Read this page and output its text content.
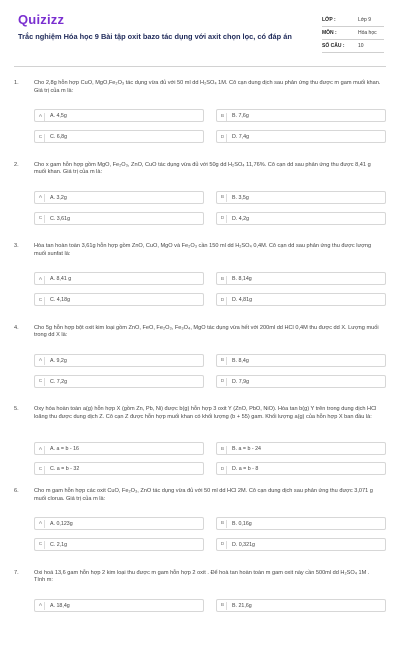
Quizizz
Trắc nghiệm Hóa học 9 Bài tập oxit bazo tác dụng với axit chọn lọc, có đáp án
LỚP :	Lớp 9
MÔN :	Hóa học
SỐ CÂU :	10
1.	Cho 2,8g hỗn hợp CuO, MgO,Fe₂O₃ tác dụng vừa đủ với 50 ml dd H₂SO₄ 1M. Cô cạn dung dịch sau phản ứng thu được m gam muối khan. Giá trị của m là:
A	A. 4,5g	B	B. 7,6g
C	C. 6,8g	D	D. 7,4g
2.	Cho x gam hỗn hợp gồm MgO, Fe₂O₃, ZnO, CuO tác dụng vừa đủ với 50g dd H₂SO₄ 11,76%. Cô cạn dd sau phản ứng thu được 8,41 g muối khan. Giá trị của m là:
A	A. 3,2g	B	B. 3,5g
C	C. 3,61g	D	D. 4,2g
3.	Hòa tan hoàn toàn 3,61g hỗn hợp gồm ZnO, CuO, MgO và Fe₂O₃ cần 150 ml dd H₂SO₄ 0,4M. Cô cạn dd sau phản ứng thu được lượng muối sunfat là:
A	A. 8,41 g	B	B. 8,14g
C	C. 4,18g	D	D. 4,81g
4.	Cho 5g hỗn hợp bột oxit kim loại gồm ZnO, FeO, Fe₂O₃, Fe₃O₄, MgO tác dụng vừa hết với 200ml dd HCl 0,4M thu được dd X. Lượng muối trong dd X là:
A	A. 9,2g	B	B. 8,4g
C	C. 7,2g	D	D. 7,9g
5.	Oxy hóa hoàn toàn a(g) hỗn hợp X (gồm Zn, Pb, Ni) được b(g) hỗn hợp 3 oxit Y (ZnO, PbO, NiO). Hòa tan b(g) Y trên trong dung dịch HCl loãng thu được dung dịch Z. Cô cạn Z được hỗn hợp muối khan có khối lượng (b + 55) gam. Khối lượng a(g) của hỗn hợp X ban đầu là:
A	A. a = b - 16	B	B. a = b - 24
C	C. a = b - 32	D	D. a = b - 8
6.	Cho m gam hỗn hợp các oxit CuO, Fe₂O₃, ZnO tác dụng vừa đủ với 50 ml dd HCl 2M. Cô cạn dung dịch sau phản ứng thu được 3,071 g muối clorua. Giá trị của m là:
A	A. 0,123g	B	B. 0,16g
C	C. 2,1g	D	D. 0,321g
7.	Oxi hoá 13,6 gam hỗn hợp 2 kim loại thu được m gam hỗn hợp 2 oxit . Để hoà tan hoàn toàn m gam oxit này cần 500ml dd H₂SO₄ 1M . Tính m:
A	A. 18,4g	B	B. 21,6g
